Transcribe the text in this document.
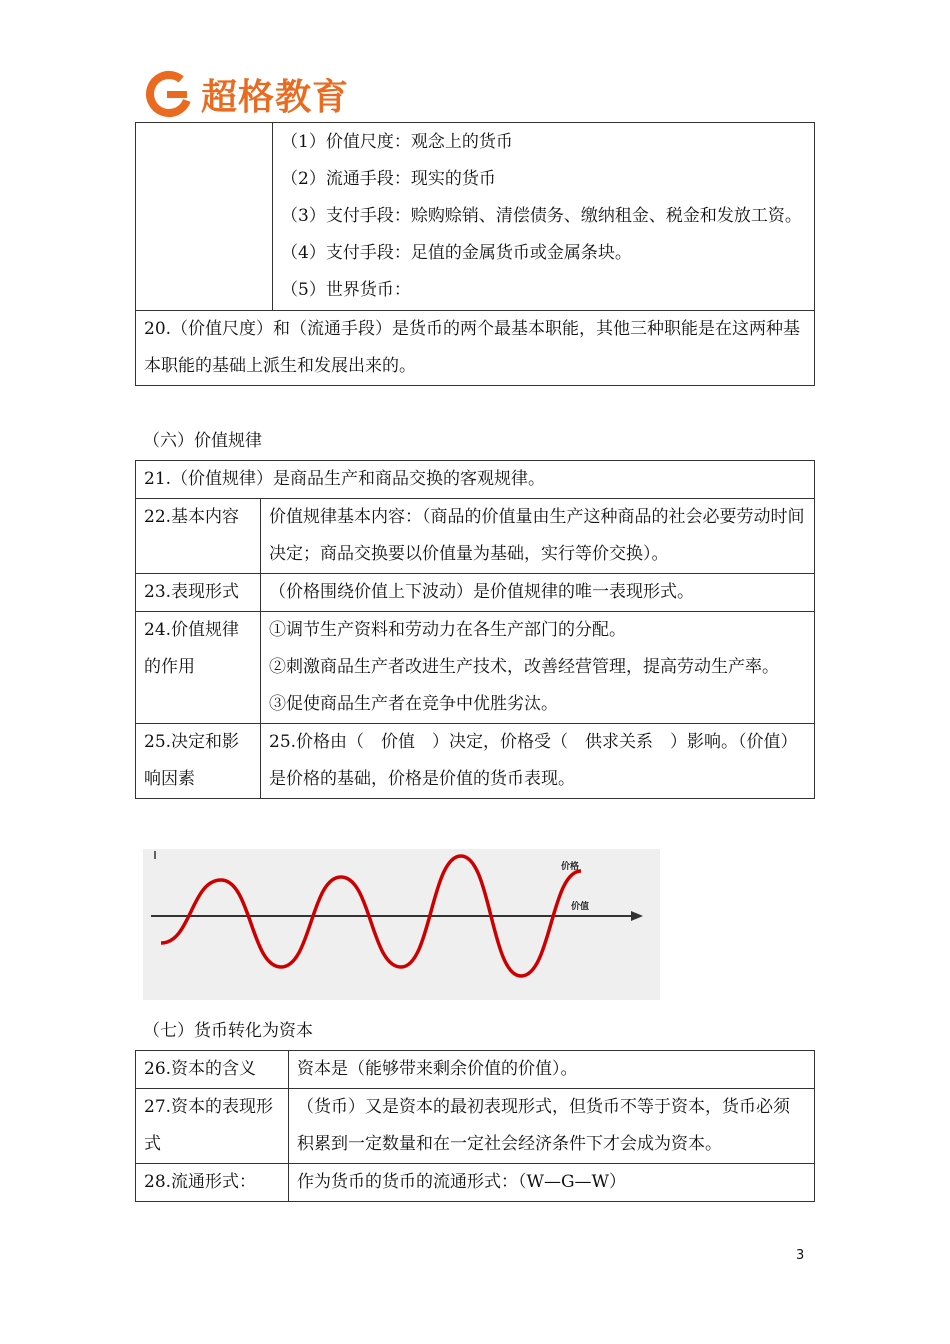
超格教育

（1）价值尺度：观念上的货币

（2）流通手段：现实的货币

（3）支付手段：赊购赊销、清偿债务、缴纳租金、税金和发放工资。

（4）支付手段：足值的金属货币或金属条块。

（5）世界货币：

20.（价值尺度）和（流通手段）是货币的两个最基本职能，其他三种职能是在这两种基本职能的基础上派生和发展出来的。
（六）价值规律
21.（价值规律）是商品生产和商品交换的客观规律。	
22.基本内容	价值规律基本内容：（商品的价值量由生产这种商品的社会必要劳动时间决定；商品交换要以价值量为基础，实行等价交换）。

23.表现形式	（价格围绕价值上下波动）是价值规律的唯一表现形式。

24.价值规律的作用	①调节生产资料和劳动力在各生产部门的分配。

②刺激商品生产者改进生产技术，改善经营管理，提高劳动生产率。

③促使商品生产者在竞争中优胜劣汰。

25.决定和影响因素	25.价格由（　价值　）决定，价格受（　供求关系　）影响。（价值）是价格的基础，价格是价值的货币表现。

价格
价值
（七）货币转化为资本
26.资本的含义	资本是（能够带来剩余价值的价值）。
27.资本的表现形式	（货币）又是资本的最初表现形式，但货币不等于资本，货币必须积累到一定数量和在一定社会经济条件下才会成为资本。
28.流通形式：	作为货币的货币的流通形式：（W—G—W）
3
